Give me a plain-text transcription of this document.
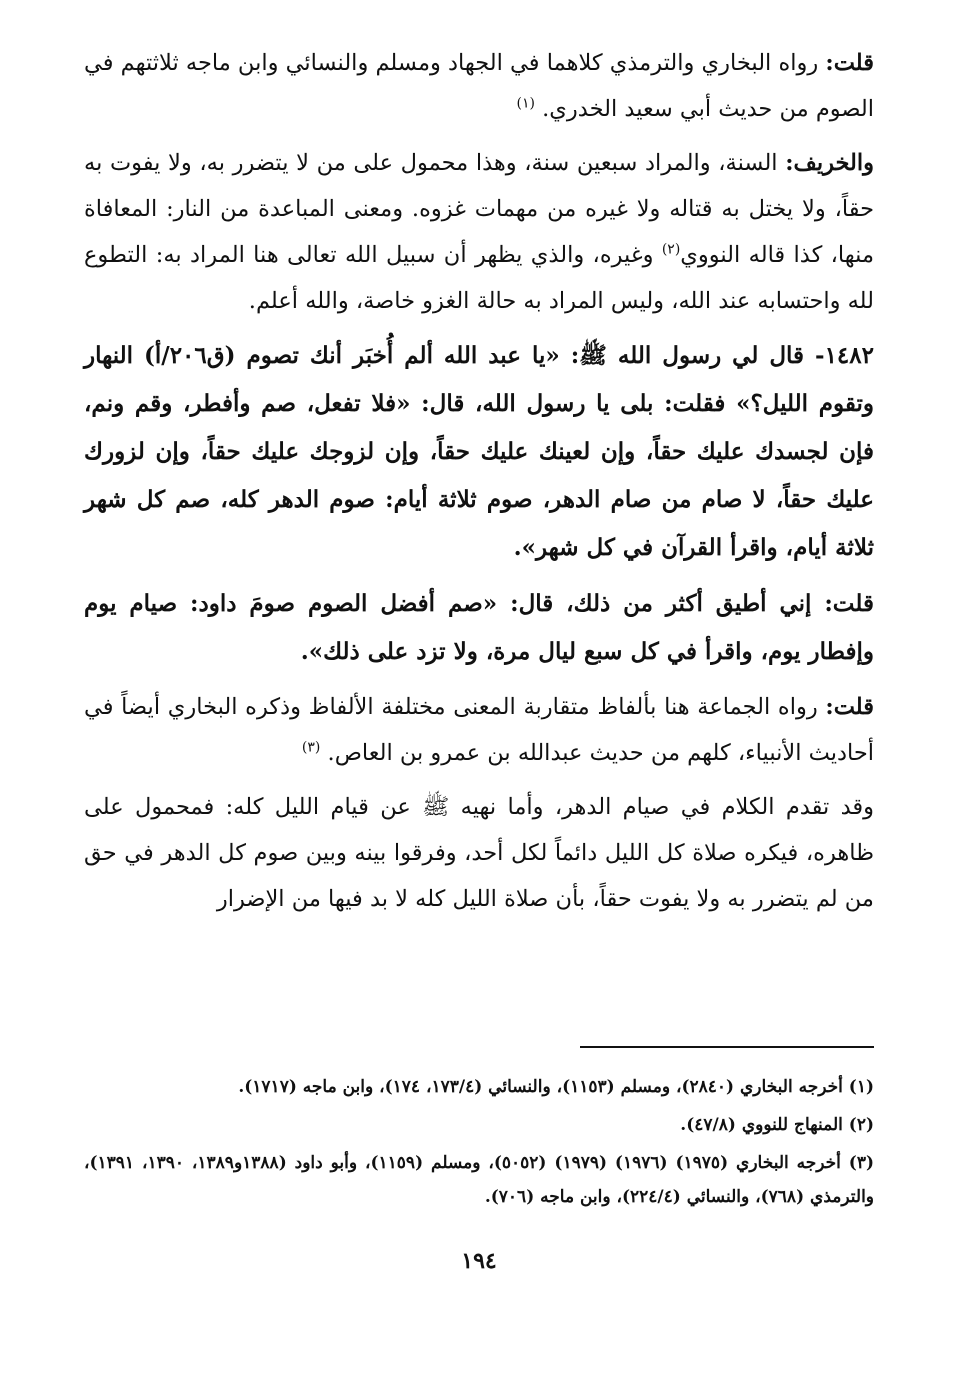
قلت: رواه البخاري والترمذي كلاهما في الجهاد ومسلم والنسائي وابن ماجه ثلاثتهم في الصوم من حديث أبي سعيد الخدري. $^{(١)}$

والخريف: السنة، والمراد سبعين سنة، وهذا محمول على من لا يتضرر به، ولا يفوت به حقاً، ولا يختل به قتاله ولا غيره من مهمات غزوه. ومعنى المباعدة من النار: المعافاة منها، كذا قاله النووي$^{(٢)}$ وغيره، والذي يظهر أن سبيل الله تعالى هنا المراد به: التطوع لله واحتسابه عند الله، وليس المراد به حالة الغزو خاصة، والله أعلم.

١٤٨٢- قال لي رسول الله ﷺ: «يا عبد الله ألم أُخبَر أنك تصوم (ق٢٠٦/أ) النهار وتقوم الليل؟» فقلت: بلى يا رسول الله، قال: «فلا تفعل، صم وأفطر، وقم ونم، فإن لجسدك عليك حقاً، وإن لعينك عليك حقاً، وإن لزوجك عليك حقاً، وإن لزورك عليك حقاً، لا صام من صام الدهر، صوم ثلاثة أيام: صوم الدهر كله، صم كل شهر ثلاثة أيام، واقرأ القرآن في كل شهر».

قلت: إني أطيق أكثر من ذلك، قال: «صم أفضل الصوم صومَ داود: صيام يوم وإفطار يوم، واقرأ في كل سبع ليال مرة، ولا تزد على ذلك».

قلت: رواه الجماعة هنا بألفاظ متقاربة المعنى مختلفة الألفاظ وذكره البخاري أيضاً في أحاديث الأنبياء، كلهم من حديث عبدالله بن عمرو بن العاص. $^{(٣)}$

وقد تقدم الكلام في صيام الدهر، وأما نهيه ﷺ عن قيام الليل كله: فمحمول على ظاهره، فيكره صلاة كل الليل دائماً لكل أحد، وفرقوا بينه وبين صوم كل الدهر في حق من لم يتضرر به ولا يفوت حقاً، بأن صلاة الليل كله لا بد فيها من الإضرار

(١) أخرجه البخاري (٢٨٤٠)، ومسلم (١١٥٣)، والنسائي (١٧٣/٤، ١٧٤)، وابن ماجه (١٧١٧).

(٢) المنهاج للنووي (٤٧/٨).

(٣) أخرجه البخاري (١٩٧٥) (١٩٧٦) (١٩٧٩) (٥٠٥٢)، ومسلم (١١٥٩)، وأبو داود (١٣٨٨و١٣٨٩، ١٣٩٠، ١٣٩١)، والترمذي (٧٦٨)، والنسائي (٢٢٤/٤)، وابن ماجه (٧٠٦).

١٩٤
